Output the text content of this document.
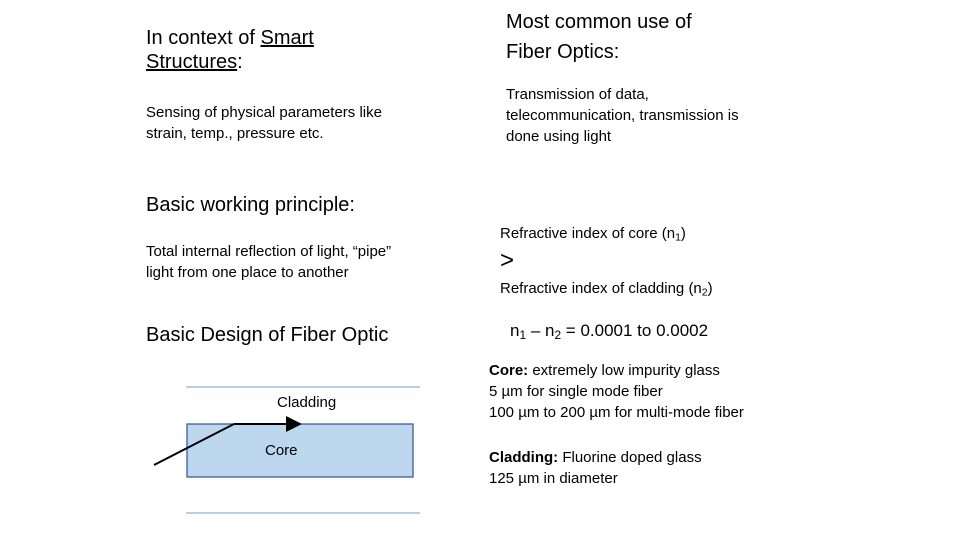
In context of Smart
Structures:
Sensing of physical parameters like
strain, temp., pressure etc.
Basic working principle:
Total internal reflection of light, “pipe”
light from one place to another
Basic Design of Fiber Optic
Cladding
Core
Most common use of
Fiber Optics:
Transmission of data,
telecommunication, transmission is
done using light
Refractive index of core $(n_1)$
>
Refractive index of cladding $(n_2)$
$n_1 - n_2 = 0.0001$ to 0.0002
Core: extremely low impurity glass
5 µm for single mode fiber
100 µm to 200 µm for multi-mode fiber
Cladding: Fluorine doped glass
125 µm in diameter
